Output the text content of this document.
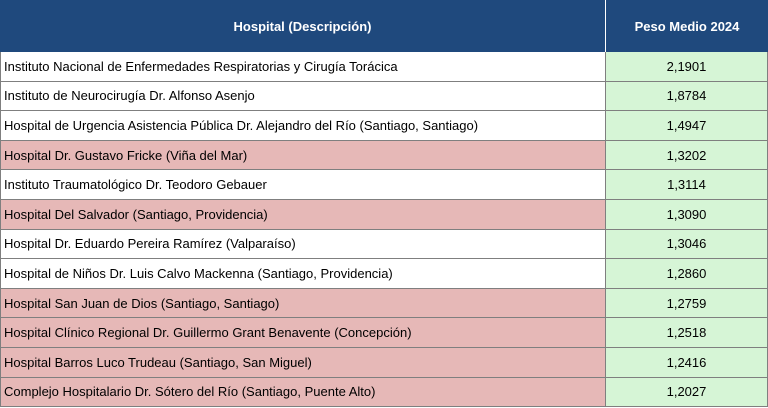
Hospital (Descripción)	Peso Medio 2024
Instituto Nacional de Enfermedades Respiratorias y Cirugía Torácica	2,1901
Instituto de Neurocirugía Dr. Alfonso Asenjo	1,8784
Hospital de Urgencia Asistencia Pública Dr. Alejandro del Río (Santiago, Santiago)	1,4947
Hospital Dr. Gustavo Fricke (Viña del Mar)	1,3202
Instituto Traumatológico Dr. Teodoro Gebauer	1,3114
Hospital Del Salvador (Santiago, Providencia)	1,3090
Hospital Dr. Eduardo Pereira Ramírez (Valparaíso)	1,3046
Hospital de Niños Dr. Luis Calvo Mackenna (Santiago, Providencia)	1,2860
Hospital San Juan de Dios (Santiago, Santiago)	1,2759
Hospital Clínico Regional Dr. Guillermo Grant Benavente (Concepción)	1,2518
Hospital Barros Luco Trudeau (Santiago, San Miguel)	1,2416
Complejo Hospitalario Dr. Sótero del Río (Santiago, Puente Alto)	1,2027
